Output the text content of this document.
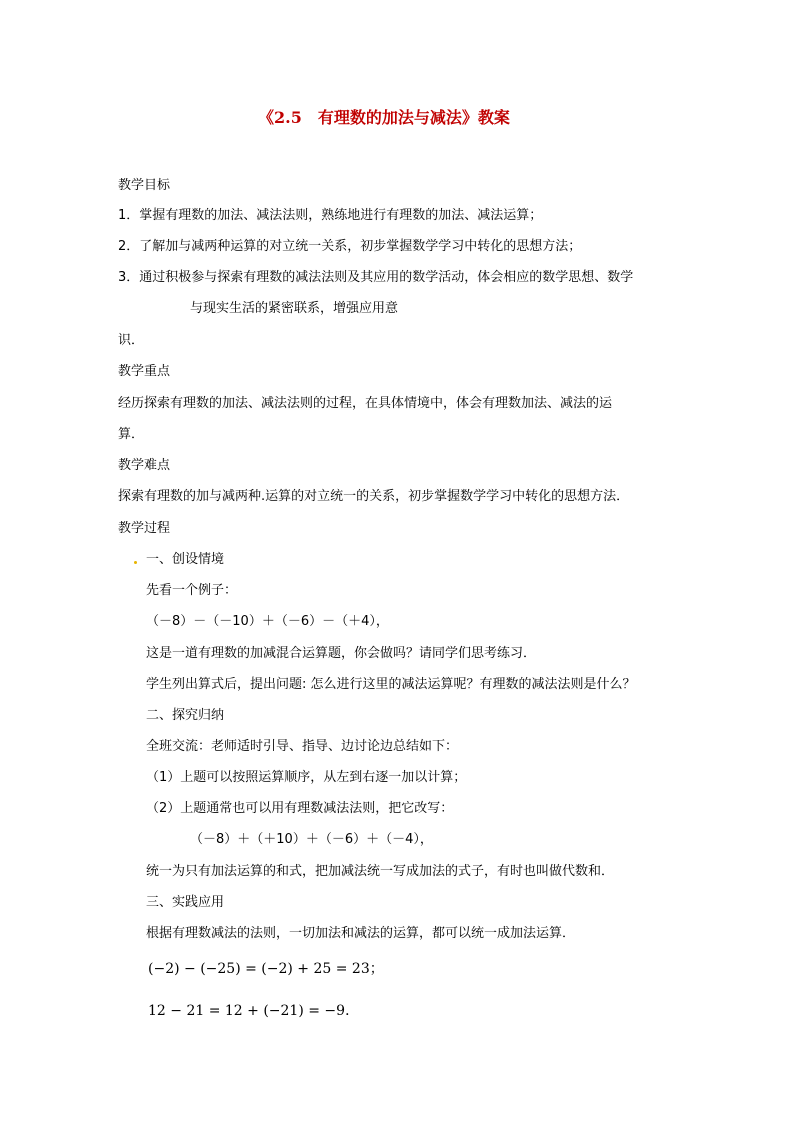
《2.5　有理数的加法与减法》教案
教学目标
1．掌握有理数的加法、减法法则，熟练地进行有理数的加法、减法运算；
2．了解加与减两种运算的对立统一关系，初步掌握数学学习中转化的思想方法；
3．通过积极参与探索有理数的减法法则及其应用的数学活动，体会相应的数学思想、数学
与现实生活的紧密联系，增强应用意
识．
教学重点
经历探索有理数的加法、减法法则的过程，在具体情境中，体会有理数加法、减法的运
算．
教学难点
探索有理数的加与减两种.运算的对立统一的关系，初步掌握数学学习中转化的思想方法．
教学过程
一、创设情境
先看一个例子：
（－8）－（－10）＋（－6）－（＋4），
这是一道有理数的加减混合运算题，你会做吗？请同学们思考练习．
学生列出算式后，提出问题: 怎么进行这里的减法运算呢？有理数的减法法则是什么？
二、探究归纳
全班交流：老师适时引导、指导、边讨论边总结如下：
（1）上题可以按照运算顺序，从左到右逐一加以计算；
（2）上题通常也可以用有理数减法法则，把它改写：
（－8）＋（＋10）＋（－6）＋（－4），
统一为只有加法运算的和式，把加减法统一写成加法的式子，有时也叫做代数和．
三、实践应用
根据有理数减法的法则，一切加法和减法的运算，都可以统一成加法运算．
(−2) − (−25) = (−2) + 25 = 23；
12 − 21 = 12 + (−21) = −9．
